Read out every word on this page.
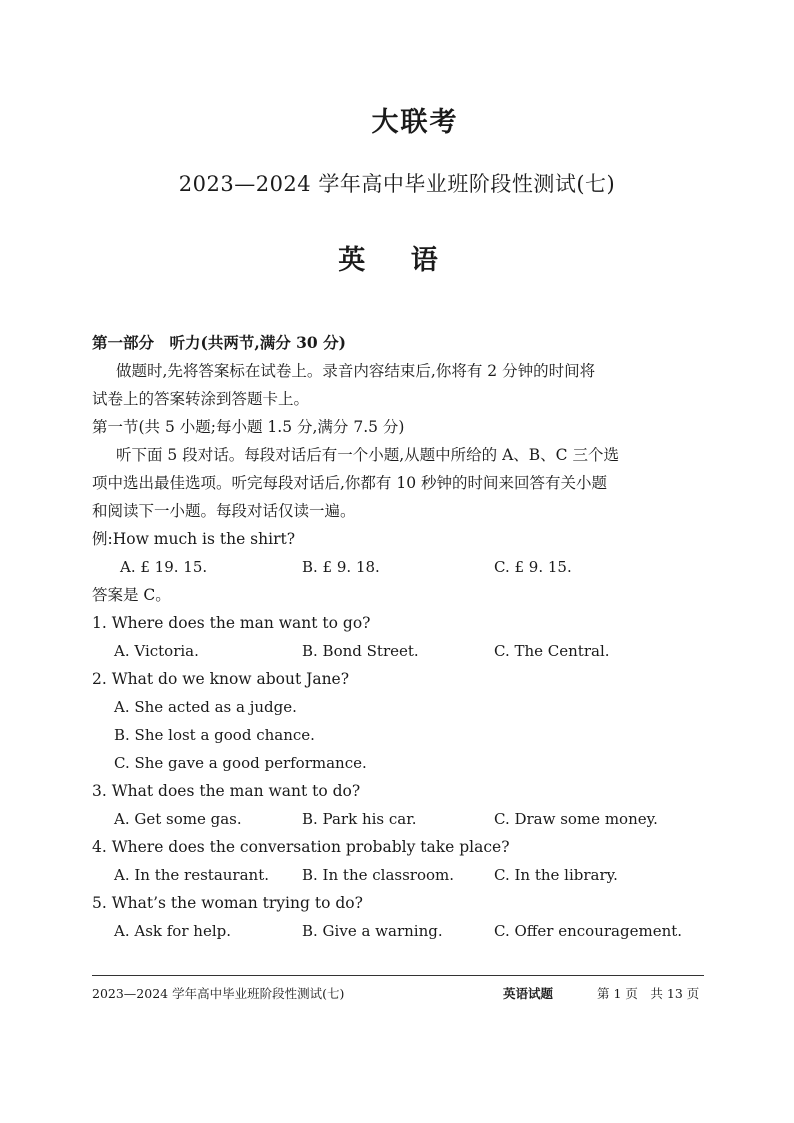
大联考
2023—2024 学年高中毕业班阶段性测试(七)
英 语
第一部分　听力(共两节,满分 30 分)
做题时,先将答案标在试卷上。录音内容结束后,你将有 2 分钟的时间将
试卷上的答案转涂到答题卡上。
第一节(共 5 小题;每小题 1.5 分,满分 7.5 分)
听下面 5 段对话。每段对话后有一个小题,从题中所给的 A、B、C 三个选
项中选出最佳选项。听完每段对话后,你都有 10 秒钟的时间来回答有关小题
和阅读下一小题。每段对话仅读一遍。
例:How much is the shirt?
A. £ 19. 15.	B. £ 9. 18.	C. £ 9. 15.
答案是 C。
1. Where does the man want to go?
A. Victoria.	B. Bond Street.	C. The Central.
2. What do we know about Jane?
A. She acted as a judge.
B. She lost a good chance.
C. She gave a good performance.
3. What does the man want to do?
A. Get some gas.	B. Park his car.	C. Draw some money.
4. Where does the conversation probably take place?
A. In the restaurant. B. In the classroom.	C. In the library.
5. What’s the woman trying to do?
A. Ask for help.	B. Give a warning.	C. Offer encouragement.
2023—2024 学年高中毕业班阶段性测试(七)	英语试题	第 1 页　共 13 页
